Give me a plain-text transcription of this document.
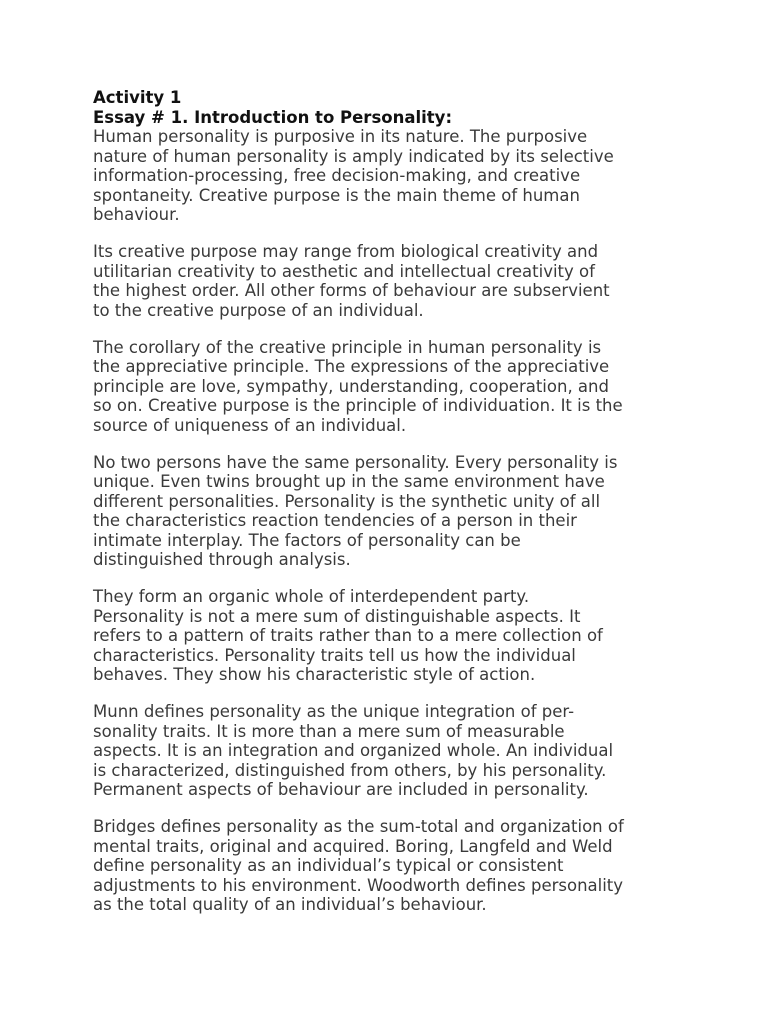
Activity 1
Essay # 1. Introduction to Personality:
Human personality is purposive in its nature. The purposive
nature of human personality is amply indicated by its selective
information-processing, free decision-making, and creative
spontaneity. Creative purpose is the main theme of human
behaviour.
Its creative purpose may range from biological creativity and
utilitarian creativity to aesthetic and intellectual creativity of
the highest order. All other forms of behaviour are subservient
to the creative purpose of an individual.
The corollary of the creative principle in human personality is
the appreciative principle. The expressions of the appreciative
principle are love, sympathy, understanding, cooperation, and
so on. Creative purpose is the principle of individuation. It is the
source of uniqueness of an individual.
No two persons have the same personality. Every personality is
unique. Even twins brought up in the same environment have
different personalities. Personality is the synthetic unity of all
the characteristics reaction tendencies of a person in their
intimate interplay. The factors of personality can be
distinguished through analysis.
They form an organic whole of interdependent party.
Personality is not a mere sum of distinguishable aspects. It
refers to a pattern of traits rather than to a mere collection of
characteristics. Personality traits tell us how the individual
behaves. They show his characteristic style of action.
Munn defines personality as the unique integration of per-
sonality traits. It is more than a mere sum of measurable
aspects. It is an integration and organized whole. An individual
is characterized, distinguished from others, by his personality.
Permanent aspects of behaviour are included in personality.
Bridges defines personality as the sum-total and organization of
mental traits, original and acquired. Boring, Langfeld and Weld
define personality as an individual’s typical or consistent
adjustments to his environment. Woodworth defines personality
as the total quality of an individual’s behaviour.
